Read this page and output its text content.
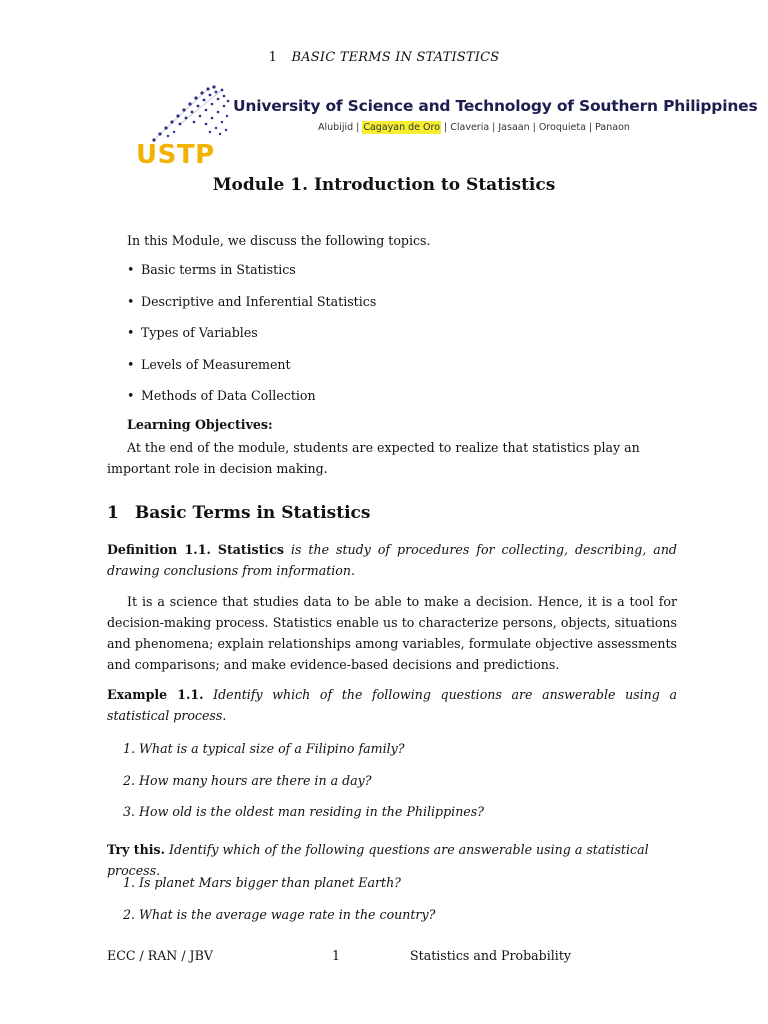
1 BASIC TERMS IN STATISTICS
USTP
University of Science and Technology of Southern Philippines
Alubijid | Cagayan de Oro | Claveria | Jasaan | Oroquieta | Panaon
Module 1. Introduction to Statistics
In this Module, we discuss the following topics.
• Basic terms in Statistics
• Descriptive and Inferential Statistics
• Types of Variables
• Levels of Measurement
• Methods of Data Collection
Learning Objectives:
At the end of the module, students are expected to realize that statistics play an important role in decision making.
1 Basic Terms in Statistics
Definition 1.1. Statistics is the study of procedures for collecting, describing, and drawing conclusions from information.
It is a science that studies data to be able to make a decision. Hence, it is a tool for decision-making process. Statistics enable us to characterize persons, objects, situations and phenomena; explain relationships among variables, formulate objective assessments and comparisons; and make evidence-based decisions and predictions.
Example 1.1. Identify which of the following questions are answerable using a statistical process.
1. What is a typical size of a Filipino family?
2. How many hours are there in a day?
3. How old is the oldest man residing in the Philippines?
Try this. Identify which of the following questions are answerable using a statistical process.
1. Is planet Mars bigger than planet Earth?
2. What is the average wage rate in the country?
ECC / RAN / JBV	1	Statistics and Probability
